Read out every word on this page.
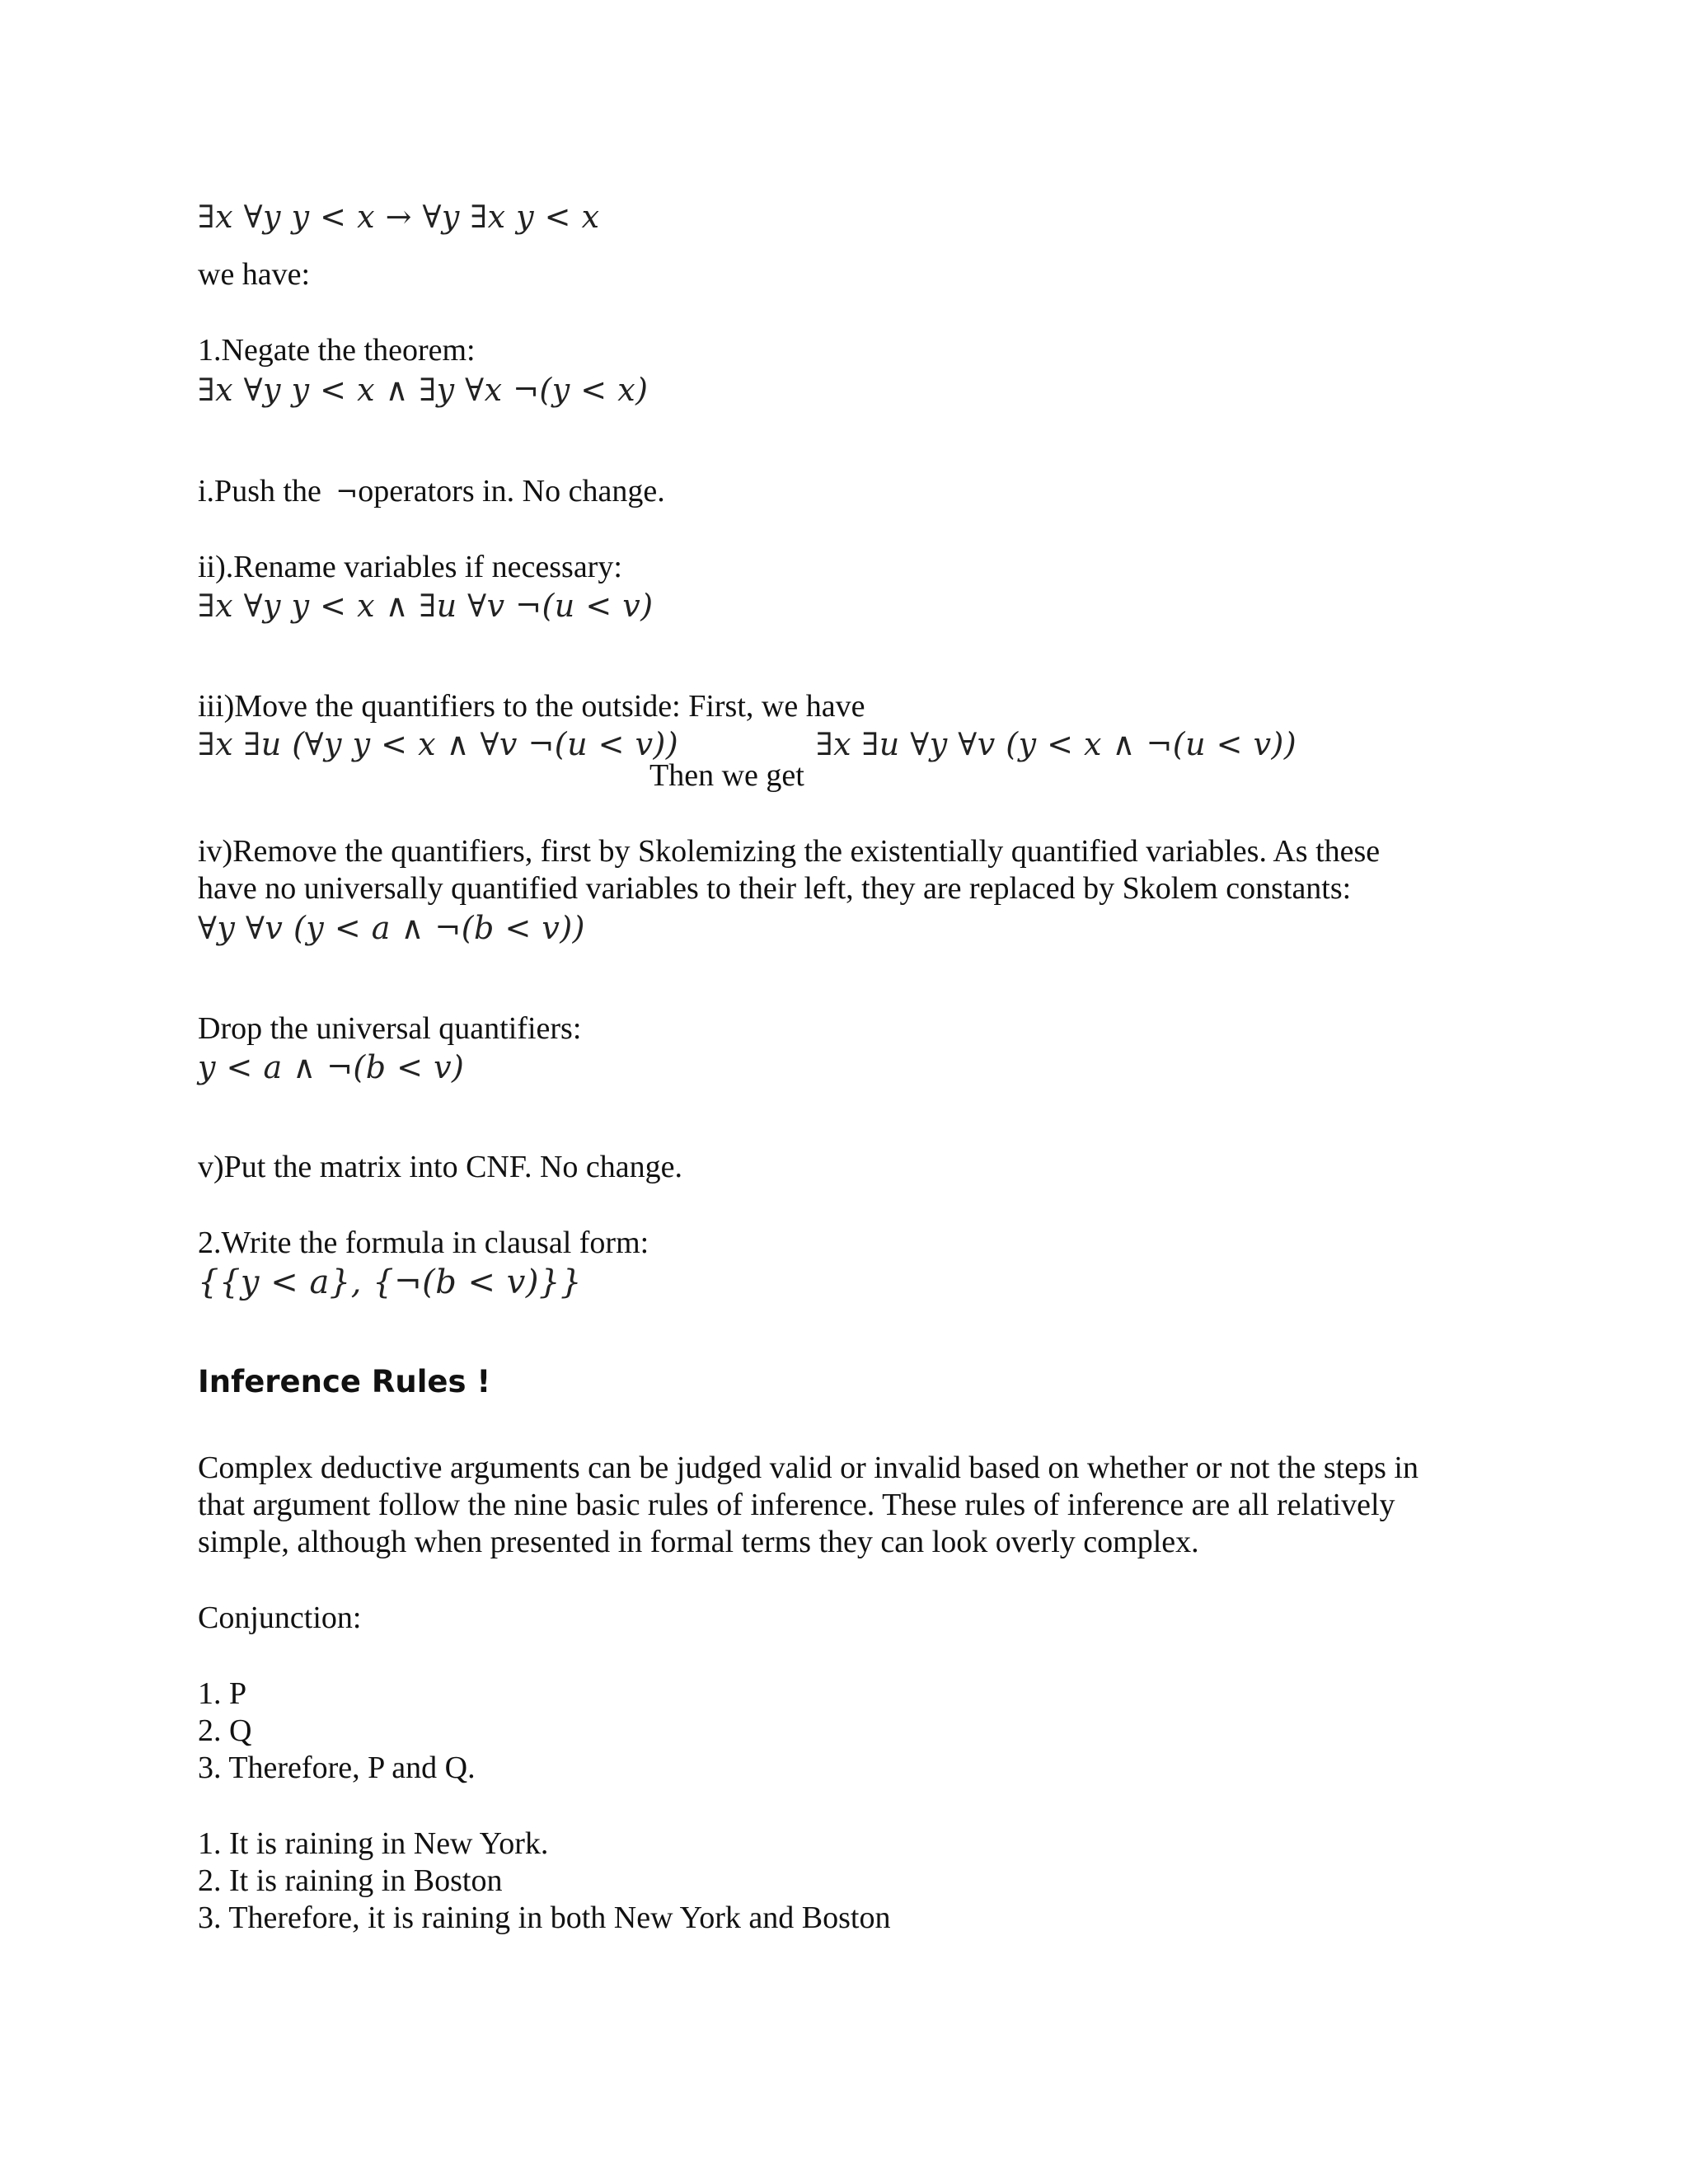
∃x ∀y y < x → ∀y ∃x y < x
we have:
1.Negate the theorem:
∃x ∀y y < x ∧ ∃y ∀x ¬(y < x)
i.Push the ¬operators in. No change.
ii).Rename variables if necessary:
∃x ∀y y < x ∧ ∃u ∀v ¬(u < v)
iii)Move the quantifiers to the outside: First, we have
∃x ∃u (∀y y < x ∧ ∀v ¬(u < v))	∃x ∃u ∀y ∀v (y < x ∧ ¬(u < v))
Then we get
iv)Remove the quantifiers, first by Skolemizing the existentially quantified variables. As these
have no universally quantified variables to their left, they are replaced by Skolem constants:
∀y ∀v (y < a ∧ ¬(b < v))
Drop the universal quantifiers:
y < a ∧ ¬(b < v)
v)Put the matrix into CNF. No change.
2.Write the formula in clausal form:
{{y < a}, {¬(b < v)}}
Inference Rules !
Complex deductive arguments can be judged valid or invalid based on whether or not the steps in
that argument follow the nine basic rules of inference. These rules of inference are all relatively
simple, although when presented in formal terms they can look overly complex.
Conjunction:
1. P
2. Q
3. Therefore, P and Q.
1. It is raining in New York.
2. It is raining in Boston
3. Therefore, it is raining in both New York and Boston
